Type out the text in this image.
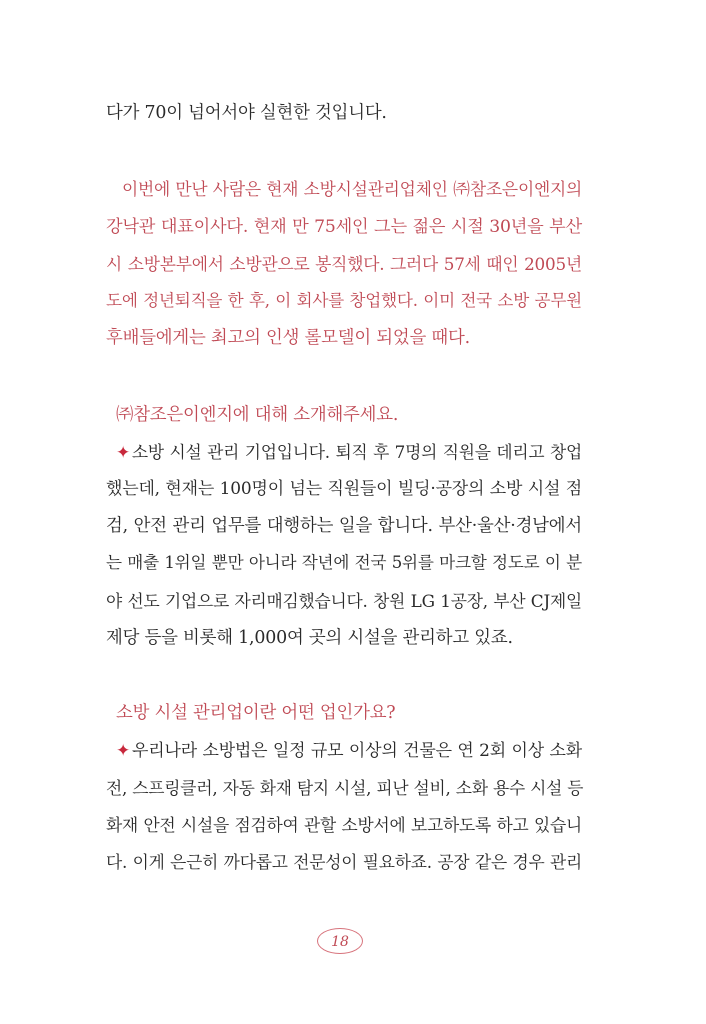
다가 70이 넘어서야 실현한 것입니다.
이번에 만난 사람은 현재 소방시설관리업체인 ㈜참조은이엔지의
강낙관 대표이사다. 현재 만 75세인 그는 젊은 시절 30년을 부산
시 소방본부에서 소방관으로 봉직했다. 그러다 57세 때인 2005년
도에 정년퇴직을 한 후, 이 회사를 창업했다. 이미 전국 소방 공무원
후배들에게는 최고의 인생 롤모델이 되었을 때다.
㈜참조은이엔지에 대해 소개해주세요.
✦ 소방 시설 관리 기업입니다. 퇴직 후 7명의 직원을 데리고 창업
했는데, 현재는 100명이 넘는 직원들이 빌딩·공장의 소방 시설 점
검, 안전 관리 업무를 대행하는 일을 합니다. 부산·울산·경남에서
는 매출 1위일 뿐만 아니라 작년에 전국 5위를 마크할 정도로 이 분
야 선도 기업으로 자리매김했습니다. 창원 LG 1공장, 부산 CJ제일
제당 등을 비롯해 1,000여 곳의 시설을 관리하고 있죠.
소방 시설 관리업이란 어떤 업인가요?
✦ 우리나라 소방법은 일정 규모 이상의 건물은 연 2회 이상 소화
전, 스프링클러, 자동 화재 탐지 시설, 피난 설비, 소화 용수 시설 등
화재 안전 시설을 점검하여 관할 소방서에 보고하도록 하고 있습니
다. 이게 은근히 까다롭고 전문성이 필요하죠. 공장 같은 경우 관리
18
